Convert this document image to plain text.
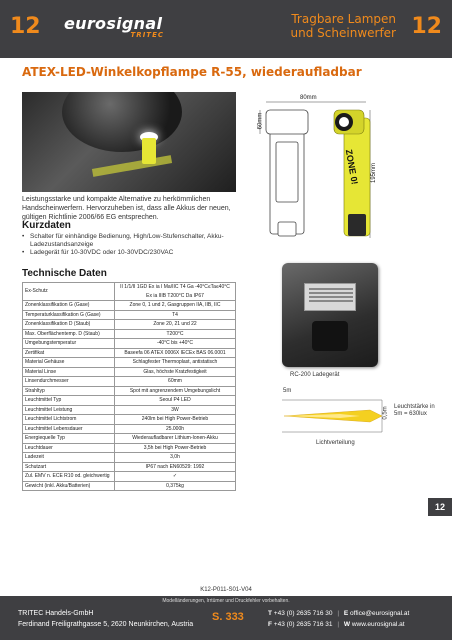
12 eurosignal
TRITEC
Tragbare Lampen
und Scheinwerfer 12
ATEX-LED-Winkelkopflampe R-55, wiederaufladbar

Leistungsstarke und kompakte Alternative zu herkömmlichen Handscheinwerfern. Hervorzuheben ist, dass alle Akkus der neuen, gültigen Richtlinie 2006/66 EG entsprechen.

Kurzdaten
• Schalter für einhändige Bedienung, High/Low-Stufenschalter, Akku-Ladezustandsanzeige
• Ladegerät für 10-30VDC oder 10-30VDC/230VAC
Technische Daten
Ex-Schutz	II 1/1/II 1GD Ex ia I Ma/IIC T4 Ga -40°C≤Ta≤40°C Ex ia IIIB T200°C Da IP67
Zonenklassifikation G (Gase)	Zone 0, 1 und 2, Gasgruppen IIA, IIB, IIC
Temperaturklassifikation G (Gase)	T4
Zonenklassifikation D (Staub)	Zone 20, 21 und 22
Max. Oberflächentemp. D (Staub)	T200°C
Umgebungstemperatur	-40°C bis +40°C
Zertifikat	Baseefa 06 ATEX 0006X IECEx BAS 06.0001
Material Gehäuse	Schlagfester Thermoplast, antistatisch
Material Linse	Glas, höchste Kratzfestigkeit
Linsendurchmesser	60mm
Strahltyp	Spot mit angrenzendem Umgebungslicht
Leuchtmittel Typ	Seoul P4 LED
Leuchtmittel Leistung	3W
Leuchtmittel Lichtstrom	240lm bei High Power-Betrieb
Leuchtmittel Lebensdauer	25.000h
Energiequelle Typ	Wiederaufladbarer Lithium-Ionen-Akku
Leuchtdauer	3,5h bei High Power-Betrieb
Ladezeit	3,0h
Schutzart	IP67 nach EN60529: 1992
Zul. EMV n. ECE R10 od. gleichwertig	✓
Gewicht (inkl. Akku/Batterien)	0,375kg
80mm
60mm
195mm
ZONE 0!
RC-200 Ladegerät
5m
0,5m Leuchtstärke in 5m = 630lux
Lichtverteilung
12
K12-P011-S01-V04
Modelländerungen, Irrtümer und Druckfehler vorbehalten.
TRITEC Handels-GmbH
Ferdinand Freiligrathgasse 5, 2620 Neunkirchen, Austria
S. 333	T +43 (0) 2635 716 30 | E office@eurosignal.at
F +43 (0) 2635 716 31 | W www.eurosignal.at
